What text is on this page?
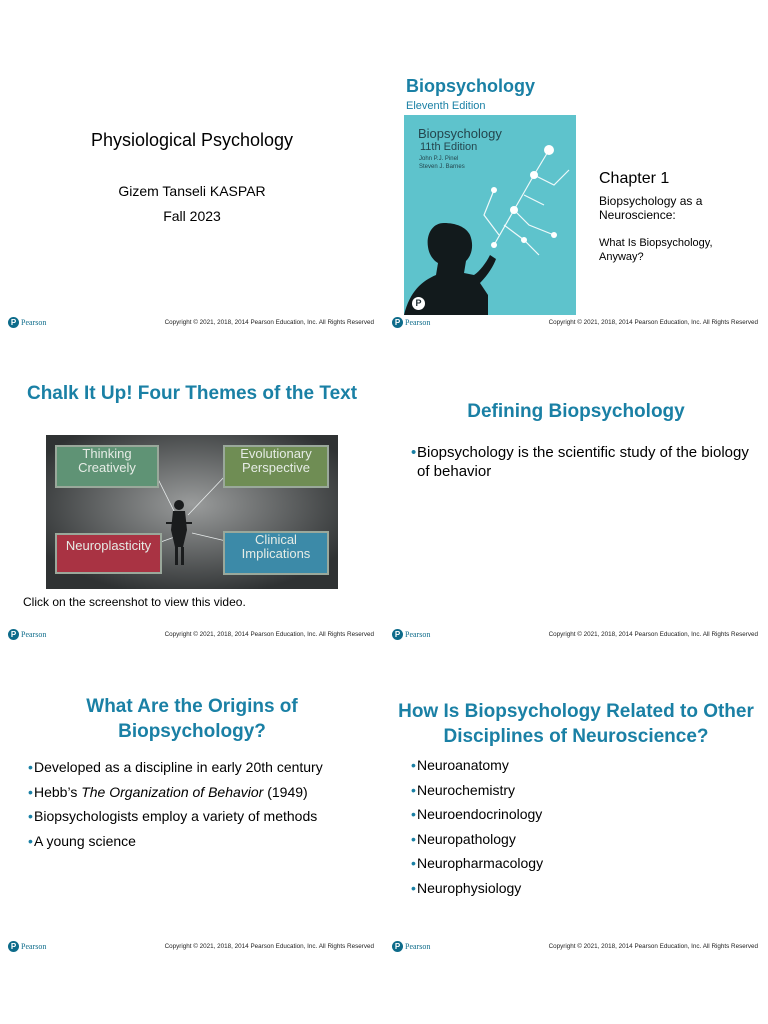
Physiological Psychology
Gizem Tanseli KASPAR
Fall 2023
P Pearson	Copyright © 2021, 2018, 2014 Pearson Education, Inc. All Rights Reserved
Biopsychology
Eleventh Edition
Biopsychology
11th Edition
John P.J. Pinel
Steven J. Barnes
P
Chapter 1
Biopsychology as a Neuroscience:
What Is Biopsychology, Anyway?
P Pearson	Copyright © 2021, 2018, 2014 Pearson Education, Inc. All Rights Reserved
Chalk It Up! Four Themes of the Text
Thinking Creatively
Evolutionary Perspective
Neuroplasticity	Clinical Implications
Click on the screenshot to view this video.
P Pearson	Copyright © 2021, 2018, 2014 Pearson Education, Inc. All Rights Reserved
Defining Biopsychology
• Biopsychology is the scientific study of the biology of behavior
P Pearson	Copyright © 2021, 2018, 2014 Pearson Education, Inc. All Rights Reserved
What Are the Origins of Biopsychology?
• Developed as a discipline in early 20th century
• Hebb’s The Organization of Behavior (1949)
• Biopsychologists employ a variety of methods
• A young science
P Pearson	Copyright © 2021, 2018, 2014 Pearson Education, Inc. All Rights Reserved
How Is Biopsychology Related to Other Disciplines of Neuroscience?
• Neuroanatomy
• Neurochemistry
• Neuroendocrinology
• Neuropathology
• Neuropharmacology
• Neurophysiology
P Pearson	Copyright © 2021, 2018, 2014 Pearson Education, Inc. All Rights Reserved
